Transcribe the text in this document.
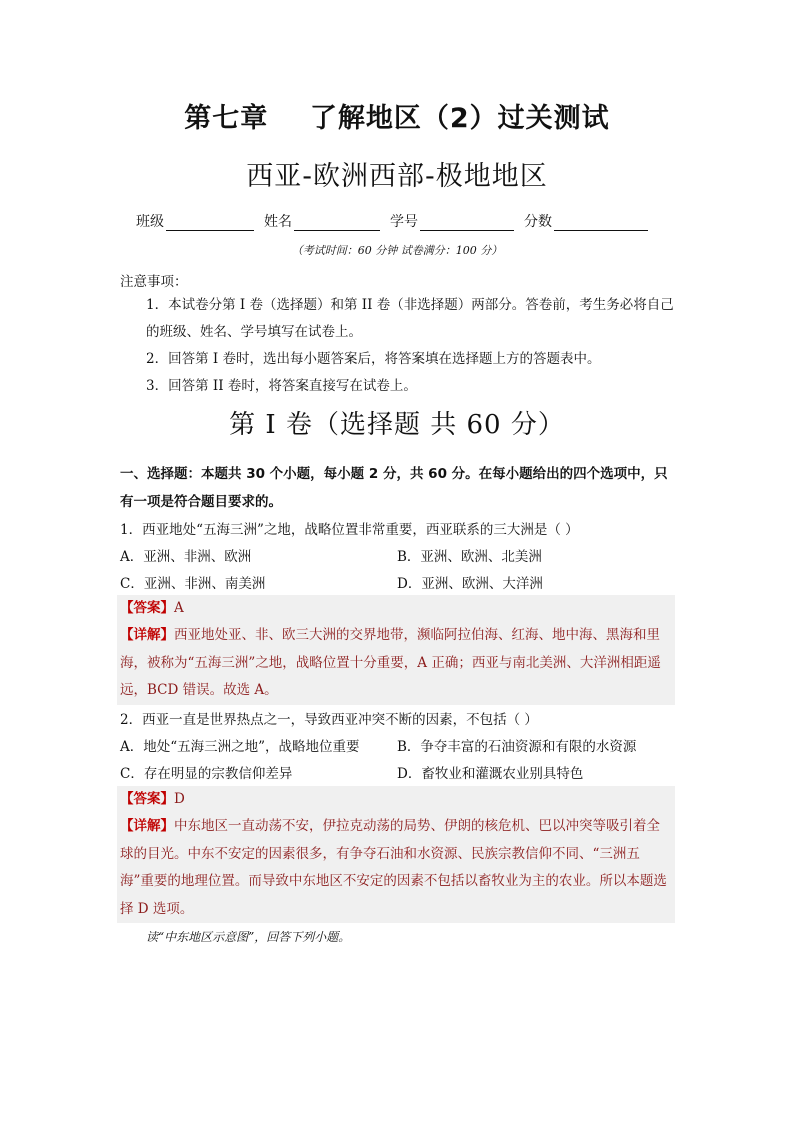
第七章    了解地区（2）过关测试
西亚-欧洲西部-极地地区
班级	姓名	学号	分数
（考试时间：60 分钟 试卷满分：100 分）
注意事项：
1．本试卷分第 I 卷（选择题）和第 II 卷（非选择题）两部分。答卷前，考生务必将自己的班级、姓名、学号填写在试卷上。
2．回答第 I 卷时，选出每小题答案后，将答案填在选择题上方的答题表中。
3．回答第 II 卷时，将答案直接写在试卷上。
第 I 卷（选择题 共 60 分）
一、选择题：本题共 30 个小题，每小题 2 分，共 60 分。在每小题给出的四个选项中，只有一项是符合题目要求的。
1．西亚地处“五海三洲”之地，战略位置非常重要，西亚联系的三大洲是（ ）
A．亚洲、非洲、欧洲	B．亚洲、欧洲、北美洲
C．亚洲、非洲、南美洲	D．亚洲、欧洲、大洋洲
【答案】A
【详解】西亚地处亚、非、欧三大洲的交界地带，濒临阿拉伯海、红海、地中海、黑海和里海，被称为“五海三洲”之地，战略位置十分重要，A 正确；西亚与南北美洲、大洋洲相距遥远，BCD 错误。故选 A。
2．西亚一直是世界热点之一，导致西亚冲突不断的因素，不包括（ ）
A．地处“五海三洲之地”，战略地位重要	B．争夺丰富的石油资源和有限的水资源
C．存在明显的宗教信仰差异	D．畜牧业和灌溉农业别具特色
【答案】D
【详解】中东地区一直动荡不安，伊拉克动荡的局势、伊朗的核危机、巴以冲突等吸引着全球的目光。中东不安定的因素很多，有争夺石油和水资源、民族宗教信仰不同、“三洲五海”重要的地理位置。而导致中东地区不安定的因素不包括以畜牧业为主的农业。所以本题选择 D 选项。
读“中东地区示意图”，回答下列小题。
